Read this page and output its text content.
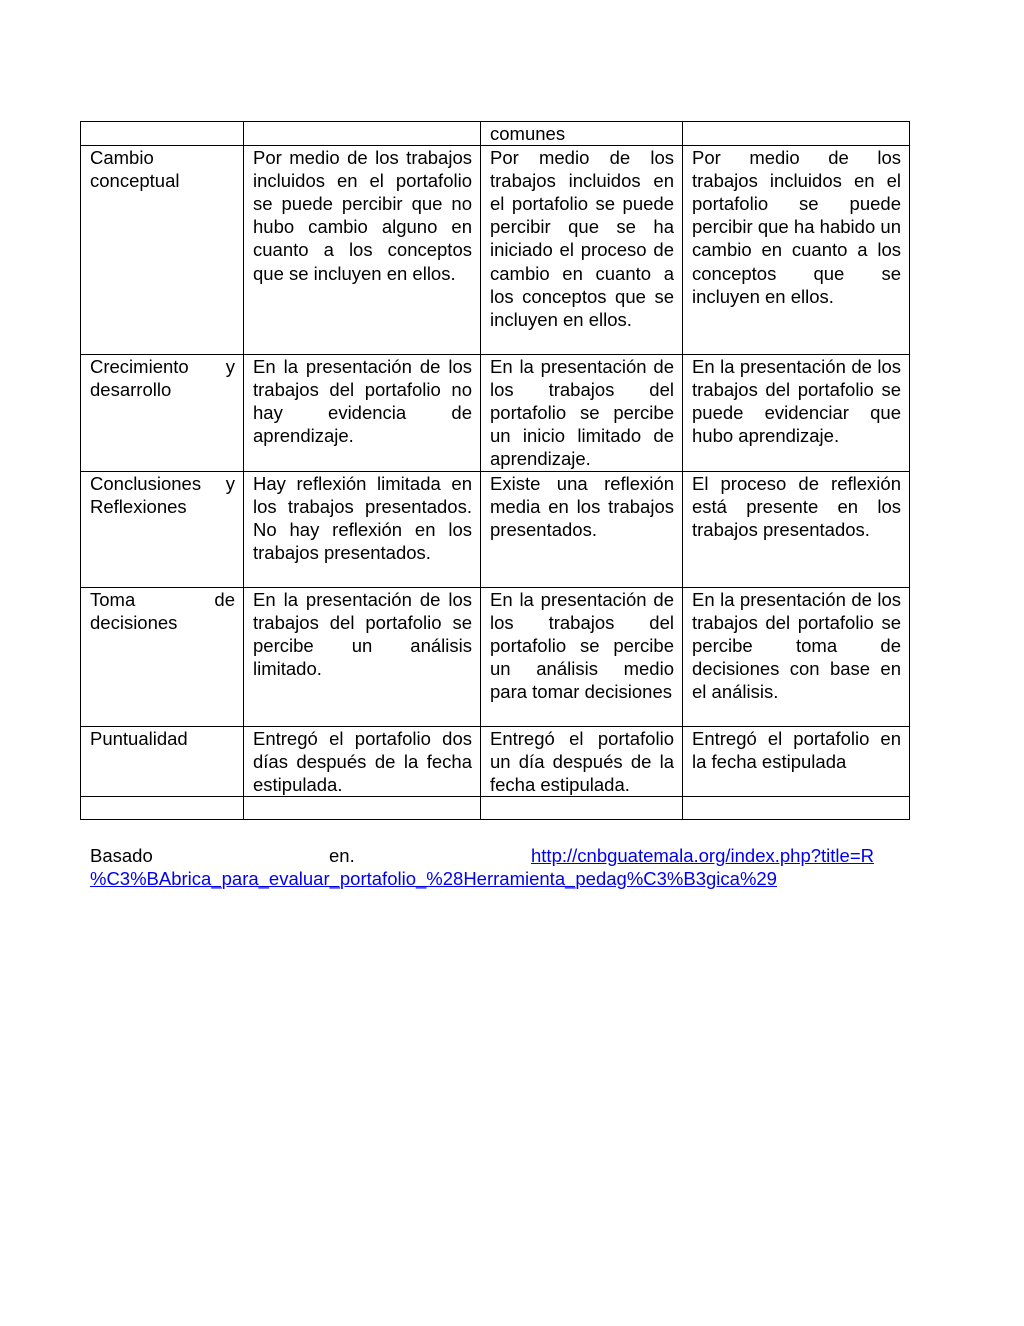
		comunes	
Cambio conceptual	Por medio de los trabajos incluidos en el portafolio se puede percibir que no hubo cambio alguno en cuanto a los conceptos que se incluyen en ellos.	Por medio de los trabajos incluidos en el portafolio se puede percibir que se ha iniciado el proceso de cambio en cuanto a los conceptos que se incluyen en ellos.	Por medio de los trabajos incluidos en el portafolio se puede percibir que ha habido un cambio en cuanto a los conceptos que se incluyen en ellos.
Crecimiento y desarrollo	En la presentación de los trabajos del portafolio no hay evidencia de aprendizaje.	En la presentación de los trabajos del portafolio se percibe un inicio limitado de aprendizaje.	En la presentación de los trabajos del portafolio se puede evidenciar que hubo aprendizaje.
Conclusiones y Reflexiones	Hay reflexión limitada en los trabajos presentados. No hay reflexión en los trabajos presentados.	Existe una reflexión media en los trabajos presentados.	El proceso de reflexión está presente en los trabajos presentados.
Toma de decisiones	En la presentación de los trabajos del portafolio se percibe un análisis limitado.	En la presentación de los trabajos del portafolio se percibe un análisis medio para tomar decisiones	En la presentación de los trabajos del portafolio se percibe toma de decisiones con base en el análisis.
Puntualidad	Entregó el portafolio dos días después de la fecha estipulada.	Entregó el portafolio un día después de la fecha estipulada.	Entregó el portafolio en la fecha estipulada

Basado	en.	http://cnbguatemala.org/index.php?title=R
%C3%BAbrica_para_evaluar_portafolio_%28Herramienta_pedag%C3%B3gica%29
